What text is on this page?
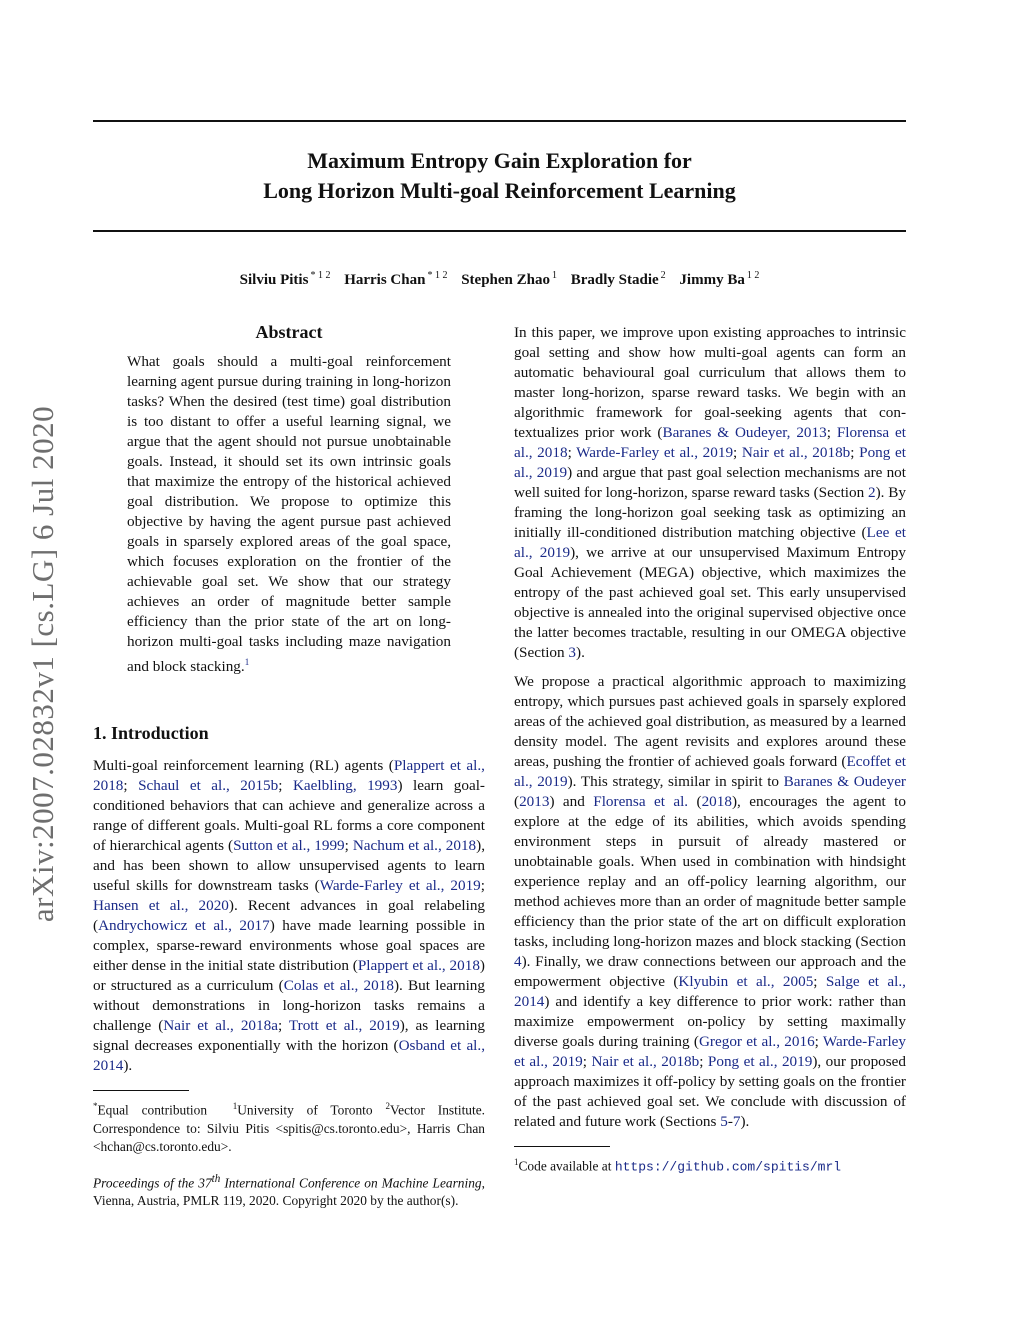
Maximum Entropy Gain Exploration for
Long Horizon Multi-goal Reinforcement Learning
Silviu Pitis $^{* 1 2}$ Harris Chan $^{* 1 2}$ Stephen Zhao $^1$ Bradly Stadie $^2$ Jimmy Ba $^{1 2}$
arXiv:2007.02832v1 [cs.LG] 6 Jul 2020
Abstract

What goals should a multi-goal reinforcement learning agent pursue during training in long-horizon tasks? When the desired (test time) goal distribution is too distant to offer a useful learning signal, we argue that the agent should not pursue unobtainable goals. Instead, it should set its own intrinsic goals that maximize the entropy of the historical achieved goal distribution. We propose to optimize this objective by having the agent pursue past achieved goals in sparsely explored areas of the goal space, which focuses exploration on the frontier of the achievable goal set. We show that our strategy achieves an order of magnitude better sample efficiency than the prior state of the art on long-horizon multi-goal tasks including maze navigation and block stacking.$^1$

1. Introduction

Multi-goal reinforcement learning (RL) agents (Plappert et al., 2018; Schaul et al., 2015b; Kaelbling, 1993) learn goal-conditioned behaviors that can achieve and generalize across a range of different goals. Multi-goal RL forms a core component of hierarchical agents (Sutton et al., 1999; Nachum et al., 2018), and has been shown to allow unsupervised agents to learn useful skills for downstream tasks (Warde-Farley et al., 2019; Hansen et al., 2020). Recent advances in goal relabeling (Andrychowicz et al., 2017) have made learning possible in complex, sparse-reward environments whose goal spaces are either dense in the initial state distribution (Plappert et al., 2018) or structured as a curriculum (Colas et al., 2018). But learning without demonstrations in long-horizon tasks remains a challenge (Nair et al., 2018a; Trott et al., 2019), as learning signal decreases exponentially with the horizon (Osband et al., 2014).

*Equal contribution	$^1$University of Toronto $^2$Vector Institute. Correspondence to: Silviu Pitis <spitis@cs.toronto.edu>, Harris Chan <hchan@cs.toronto.edu>.
Proceedings of the 37th International Conference on Machine Learning, Vienna, Austria, PMLR 119, 2020. Copyright 2020 by the author(s).

In this paper, we improve upon existing approaches to intrinsic goal setting and show how multi-goal agents can form an automatic behavioural goal curriculum that allows them to master long-horizon, sparse reward tasks. We begin with an algorithmic framework for goal-seeking agents that contextualizes prior work (Baranes & Oudeyer, 2013; Florensa et al., 2018; Warde-Farley et al., 2019; Nair et al., 2018b; Pong et al., 2019) and argue that past goal selection mechanisms are not well suited for long-horizon, sparse reward tasks (Section 2). By framing the long-horizon goal seeking task as optimizing an initially ill-conditioned distribution matching objective (Lee et al., 2019), we arrive at our unsupervised Maximum Entropy Goal Achievement (MEGA) objective, which maximizes the entropy of the past achieved goal set. This early unsupervised objective is annealed into the original supervised objective once the latter becomes tractable, resulting in our OMEGA objective (Section 3).

We propose a practical algorithmic approach to maximizing entropy, which pursues past achieved goals in sparsely explored areas of the achieved goal distribution, as measured by a learned density model. The agent revisits and explores around these areas, pushing the frontier of achieved goals forward (Ecoffet et al., 2019). This strategy, similar in spirit to Baranes & Oudeyer (2013) and Florensa et al. (2018), encourages the agent to explore at the edge of its abilities, which avoids spending environment steps in pursuit of already mastered or unobtainable goals. When used in combination with hindsight experience replay and an off-policy learning algorithm, our method achieves more than an order of magnitude better sample efficiency than the prior state of the art on difficult exploration tasks, including long-horizon mazes and block stacking (Section 4). Finally, we draw connections between our approach and the empowerment objective (Klyubin et al., 2005; Salge et al., 2014) and identify a key difference to prior work: rather than maximize empowerment on-policy by setting maximally diverse goals during training (Gregor et al., 2016; Warde-Farley et al., 2019; Nair et al., 2018b; Pong et al., 2019), our proposed approach maximizes it off-policy by setting goals on the frontier of the past achieved goal set. We conclude with discussion of related and future work (Sections 5-7).

$^1$Code available at https://github.com/spitis/mrl
